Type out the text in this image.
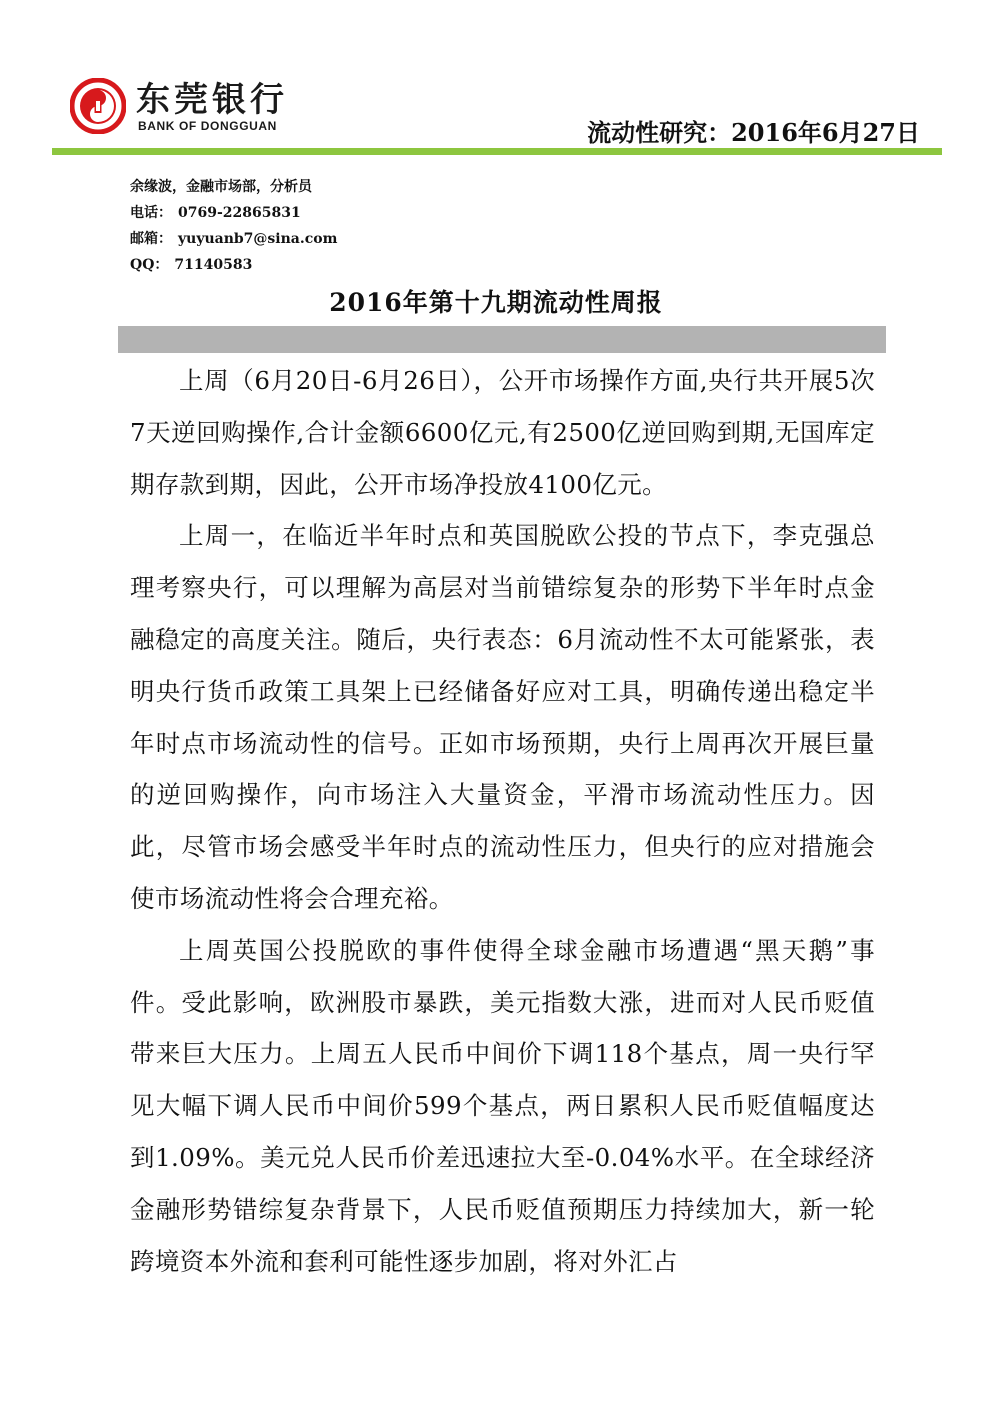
东莞银行
BANK OF DONGGUAN	流动性研究：2016年6月27日
余缘波，金融市场部，分析员
电话： 0769-22865831
邮箱： yuyuanb7@sina.com
QQ： 71140583
2016年第十九期流动性周报

上周（6月20日-6月26日），公开市场操作方面,央行共开展5次7天逆回购操作,合计金额6600亿元,有2500亿逆回购到期,无国库定期存款到期，因此，公开市场净投放4100亿元。

上周一，在临近半年时点和英国脱欧公投的节点下，李克强总理考察央行，可以理解为高层对当前错综复杂的形势下半年时点金融稳定的高度关注。随后，央行表态：6月流动性不太可能紧张，表明央行货币政策工具架上已经储备好应对工具，明确传递出稳定半年时点市场流动性的信号。正如市场预期，央行上周再次开展巨量的逆回购操作，向市场注入大量资金，平滑市场流动性压力。因此，尽管市场会感受半年时点的流动性压力，但央行的应对措施会使市场流动性将会合理充裕。

上周英国公投脱欧的事件使得全球金融市场遭遇“黑天鹅”事件。受此影响，欧洲股市暴跌，美元指数大涨，进而对人民币贬值带来巨大压力。上周五人民币中间价下调118个基点，周一央行罕见大幅下调人民币中间价599个基点，两日累积人民币贬值幅度达到1.09%。美元兑人民币价差迅速拉大至-0.04%水平。在全球经济金融形势错综复杂背景下，人民币贬值预期压力持续加大，新一轮跨境资本外流和套利可能性逐步加剧，将对外汇占
